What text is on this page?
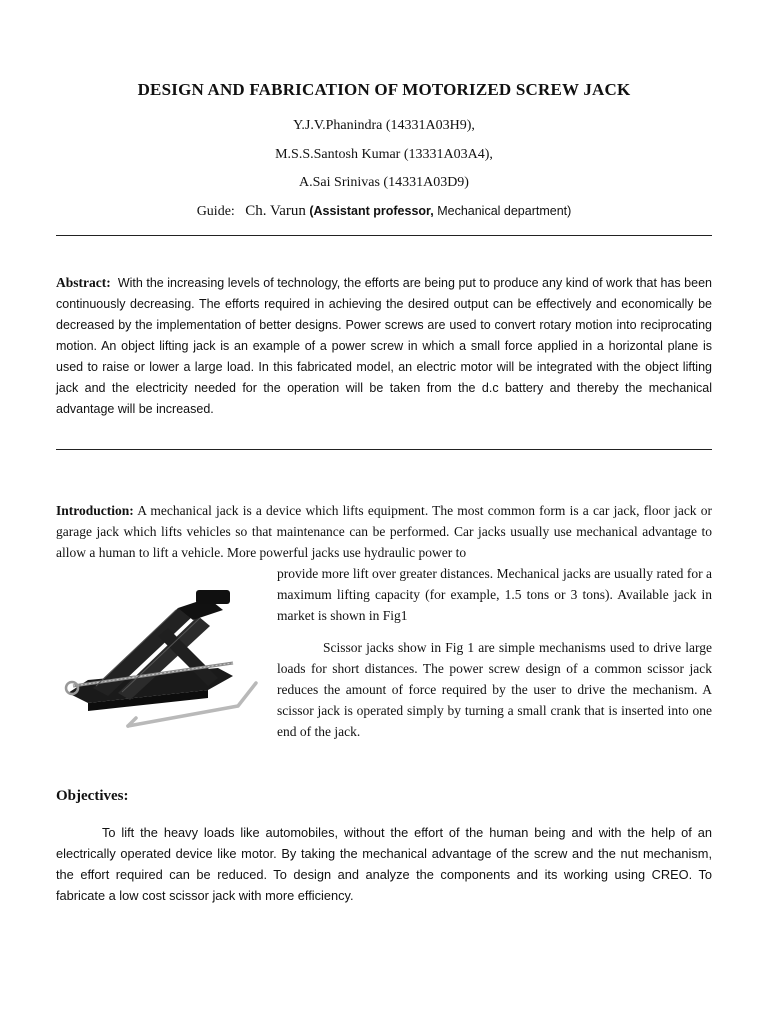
DESIGN AND FABRICATION OF MOTORIZED SCREW JACK
Y.J.V.Phanindra (14331A03H9),
M.S.S.Santosh Kumar (13331A03A4),
A.Sai Srinivas (14331A03D9)
Guide: Ch. Varun (Assistant professor, Mechanical department)
Abstract: With the increasing levels of technology, the efforts are being put to produce any kind of work that has been continuously decreasing. The efforts required in achieving the desired output can be effectively and economically be decreased by the implementation of better designs. Power screws are used to convert rotary motion into reciprocating motion. An object lifting jack is an example of a power screw in which a small force applied in a horizontal plane is used to raise or lower a large load. In this fabricated model, an electric motor will be integrated with the object lifting jack and the electricity needed for the operation will be taken from the d.c battery and thereby the mechanical advantage will be increased.
Introduction: A mechanical jack is a device which lifts equipment. The most common form is a car jack, floor jack or garage jack which lifts vehicles so that maintenance can be performed. Car jacks usually use mechanical advantage to allow a human to lift a vehicle. More powerful jacks use hydraulic power to
provide more lift over greater distances. Mechanical jacks are usually rated for a maximum lifting capacity (for example, 1.5 tons or 3 tons). Available jack in market is shown in Fig1
Scissor jacks show in Fig 1 are simple mechanisms used to drive large loads for short distances. The power screw design of a common scissor jack reduces the amount of force required by the user to drive the mechanism. A scissor jack is operated simply by turning a small crank that is inserted into one end of the jack.
Objectives:
To lift the heavy loads like automobiles, without the effort of the human being and with the help of an electrically operated device like motor. By taking the mechanical advantage of the screw and the nut mechanism, the effort required can be reduced. To design and analyze the components and its working using CREO. To fabricate a low cost scissor jack with more efficiency.
